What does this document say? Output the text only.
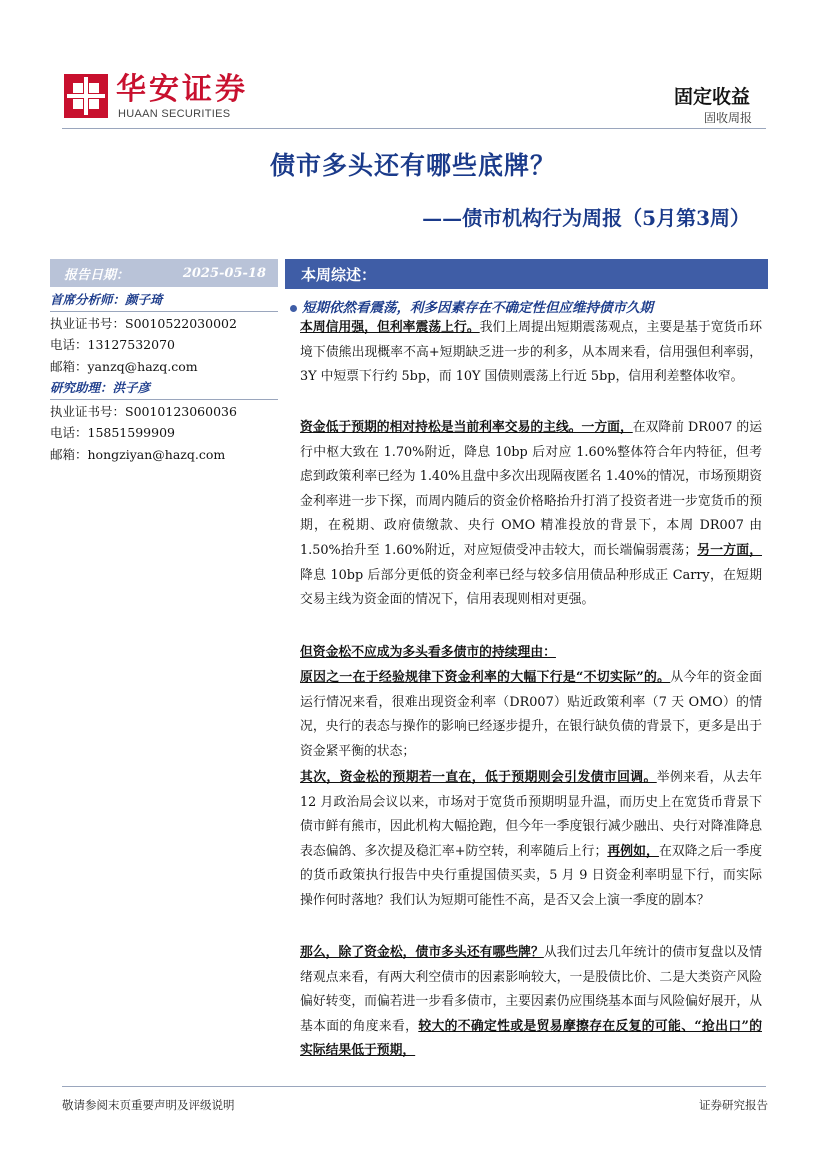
华安证券
HUAAN SECURITIES
固定收益
固收周报
债市多头还有哪些底牌？
——债市机构行为周报（5月第3周）
报告日期：	2025-05-18
首席分析师：颜子琦
执业证书号：S0010522030002
电话：13127532070
邮箱：yanzq@hazq.com
研究助理：洪子彦
执业证书号：S0010123060036
电话：15851599909
邮箱：hongziyan@hazq.com
本周综述：
短期依然看震荡，利多因素存在不确定性但应维持债市久期
本周信用强，但利率震荡上行。我们上周提出短期震荡观点，主要是基于宽货币环境下债熊出现概率不高+短期缺乏进一步的利多，从本周来看，信用强但利率弱，3Y 中短票下行约 5bp，而 10Y 国债则震荡上行近 5bp，信用利差整体收窄。
资金低于预期的相对持松是当前利率交易的主线。一方面，在双降前 DR007 的运行中枢大致在 1.70%附近，降息 10bp 后对应 1.60%整体符合年内特征，但考虑到政策利率已经为 1.40%且盘中多次出现隔夜匿名 1.40%的情况，市场预期资金利率进一步下探，而周内随后的资金价格略抬升打消了投资者进一步宽货币的预期，在税期、政府债缴款、央行 OMO 精准投放的背景下，本周 DR007 由 1.50%抬升至 1.60%附近，对应短债受冲击较大，而长端偏弱震荡；另一方面，降息 10bp 后部分更低的资金利率已经与较多信用债品种形成正 Carry，在短期交易主线为资金面的情况下，信用表现则相对更强。
但资金松不应成为多头看多债市的持续理由：
原因之一在于经验规律下资金利率的大幅下行是“不切实际”的。从今年的资金面运行情况来看，很难出现资金利率（DR007）贴近政策利率（7 天 OMO）的情况，央行的表态与操作的影响已经逐步提升，在银行缺负债的背景下，更多是出于资金紧平衡的状态；
其次，资金松的预期若一直在，低于预期则会引发债市回调。举例来看，从去年 12 月政治局会议以来，市场对于宽货币预期明显升温，而历史上在宽货币背景下债市鲜有熊市，因此机构大幅抢跑，但今年一季度银行减少融出、央行对降准降息表态偏鸽、多次提及稳汇率+防空转，利率随后上行；再例如，在双降之后一季度的货币政策执行报告中央行重提国债买卖，5 月 9 日资金利率明显下行，而实际操作何时落地？我们认为短期可能性不高，是否又会上演一季度的剧本？
那么，除了资金松，债市多头还有哪些牌？从我们过去几年统计的债市复盘以及情绪观点来看，有两大利空债市的因素影响较大，一是股债比价、二是大类资产风险偏好转变，而偏若进一步看多债市，主要因素仍应围绕基本面与风险偏好展开，从基本面的角度来看，较大的不确定性或是贸易摩擦存在反复的可能、“抢出口”的实际结果低于预期，
敬请参阅末页重要声明及评级说明	证券研究报告
